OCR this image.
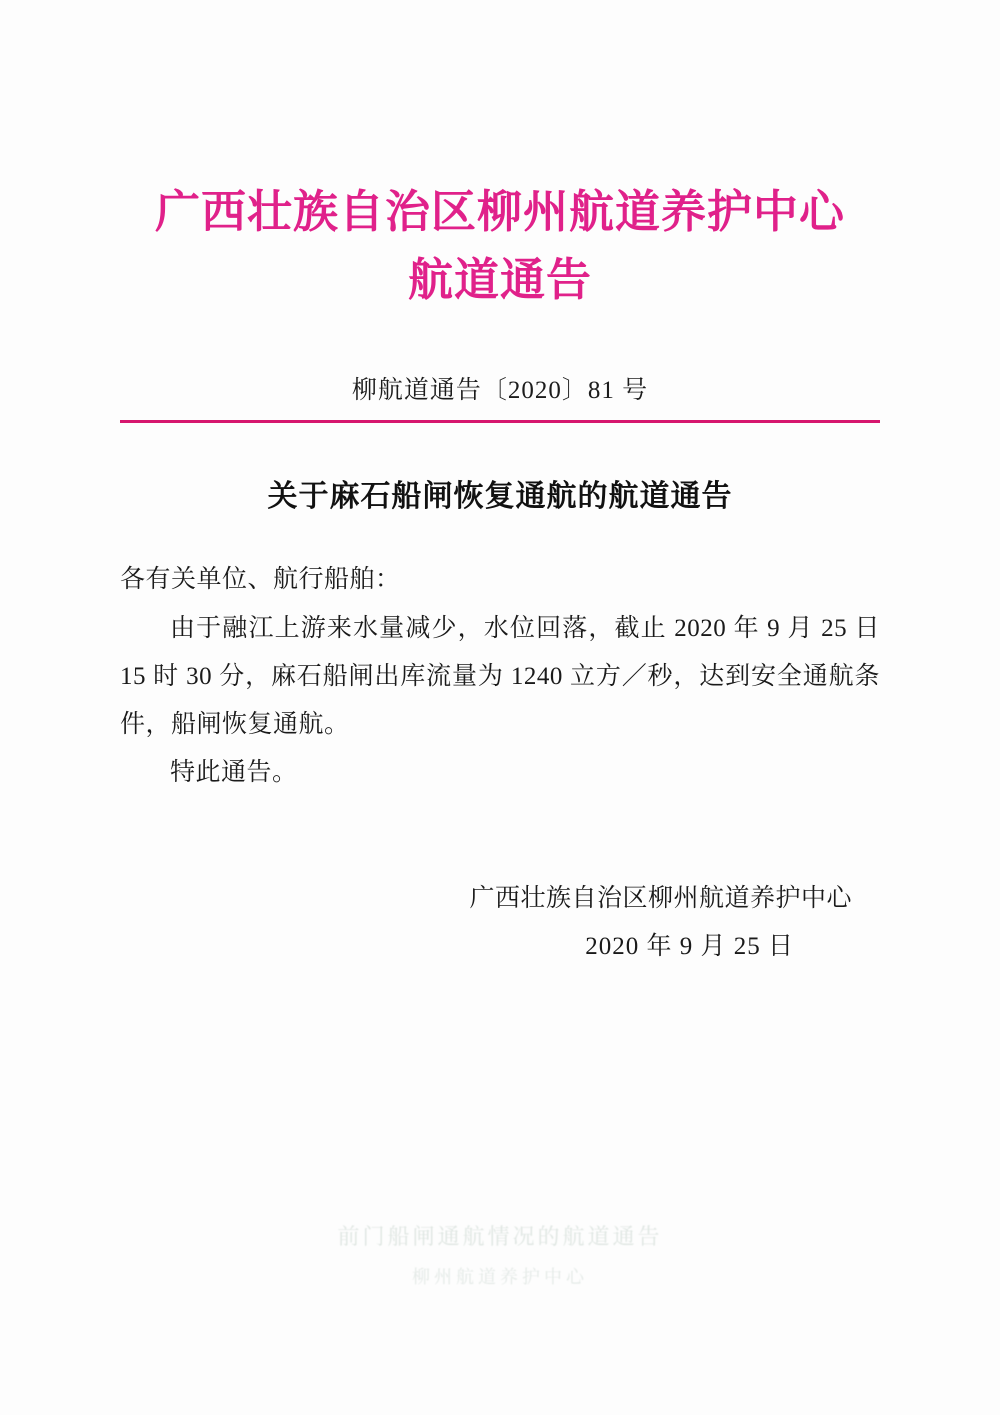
广西壮族自治区柳州航道养护中心
航道通告
柳航道通告〔2020〕81 号
关于麻石船闸恢复通航的航道通告
各有关单位、航行船舶：
由于融江上游来水量减少，水位回落，截止 2020 年 9 月 25 日 15 时 30 分，麻石船闸出库流量为 1240 立方／秒，达到安全通航条件，船闸恢复通航。
特此通告。
广西壮族自治区柳州航道养护中心
2020 年 9 月 25 日
前门船闸通航情况的航道通告
柳州航道养护中心
